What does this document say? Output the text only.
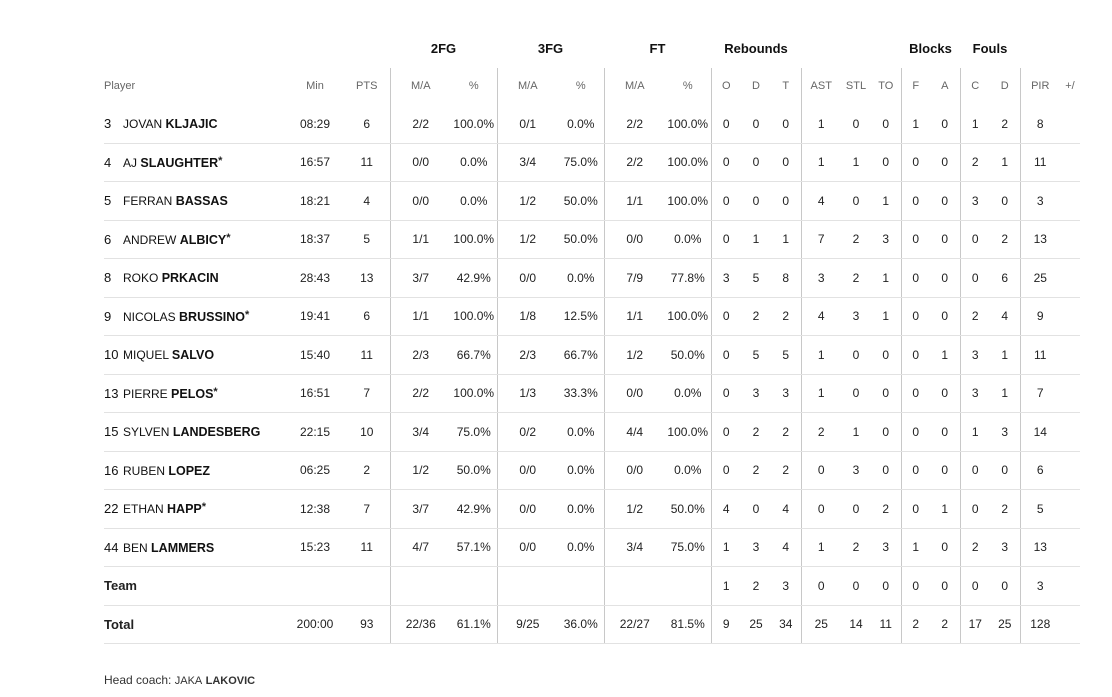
			2FG		3FG		FT		Rebounds						Blocks		Fouls			
Player	Min	PTS	M/A	%	M/A	%	M/A	%	O	D	T	AST	STL	TO	F	A	C	D	PIR	+/
3 JOVAN KLJAJIC	08:29	6	2/2	100.0%	0/1	0.0%	2/2	100.0%	0	0	0	1	0	0	1	0	1	2	8	
4 AJ SLAUGHTER*	16:57	11	0/0	0.0%	3/4	75.0%	2/2	100.0%	0	0	0	1	1	0	0	0	2	1	11	
5 FERRAN BASSAS	18:21	4	0/0	0.0%	1/2	50.0%	1/1	100.0%	0	0	0	4	0	1	0	0	3	0	3	
6 ANDREW ALBICY*	18:37	5	1/1	100.0%	1/2	50.0%	0/0	0.0%	0	1	1	7	2	3	0	0	0	2	13	
8 ROKO PRKACIN	28:43	13	3/7	42.9%	0/0	0.0%	7/9	77.8%	3	5	8	3	2	1	0	0	0	6	25	
9 NICOLAS BRUSSINO*	19:41	6	1/1	100.0%	1/8	12.5%	1/1	100.0%	0	2	2	4	3	1	0	0	2	4	9	
10 MIQUEL SALVO	15:40	11	2/3	66.7%	2/3	66.7%	1/2	50.0%	0	5	5	1	0	0	0	1	3	1	11	
13 PIERRE PELOS*	16:51	7	2/2	100.0%	1/3	33.3%	0/0	0.0%	0	3	3	1	0	0	0	0	3	1	7	
15 SYLVEN LANDESBERG	22:15	10	3/4	75.0%	0/2	0.0%	4/4	100.0%	0	2	2	2	1	0	0	0	1	3	14	
16 RUBEN LOPEZ	06:25	2	1/2	50.0%	0/0	0.0%	0/0	0.0%	0	2	2	0	3	0	0	0	0	0	6	
22 ETHAN HAPP*	12:38	7	3/7	42.9%	0/0	0.0%	1/2	50.0%	4	0	4	0	0	2	0	1	0	2	5	
44 BEN LAMMERS	15:23	11	4/7	57.1%	0/0	0.0%	3/4	75.0%	1	3	4	1	2	3	1	0	2	3	13	
Team									1	2	3	0	0	0	0	0	0	0	3	
Total	200:00	93	22/36	61.1%	9/25	36.0%	22/27	81.5%	9	25	34	25	14	11	2	2	17	25	128	
Head coach: JAKA LAKOVIC
